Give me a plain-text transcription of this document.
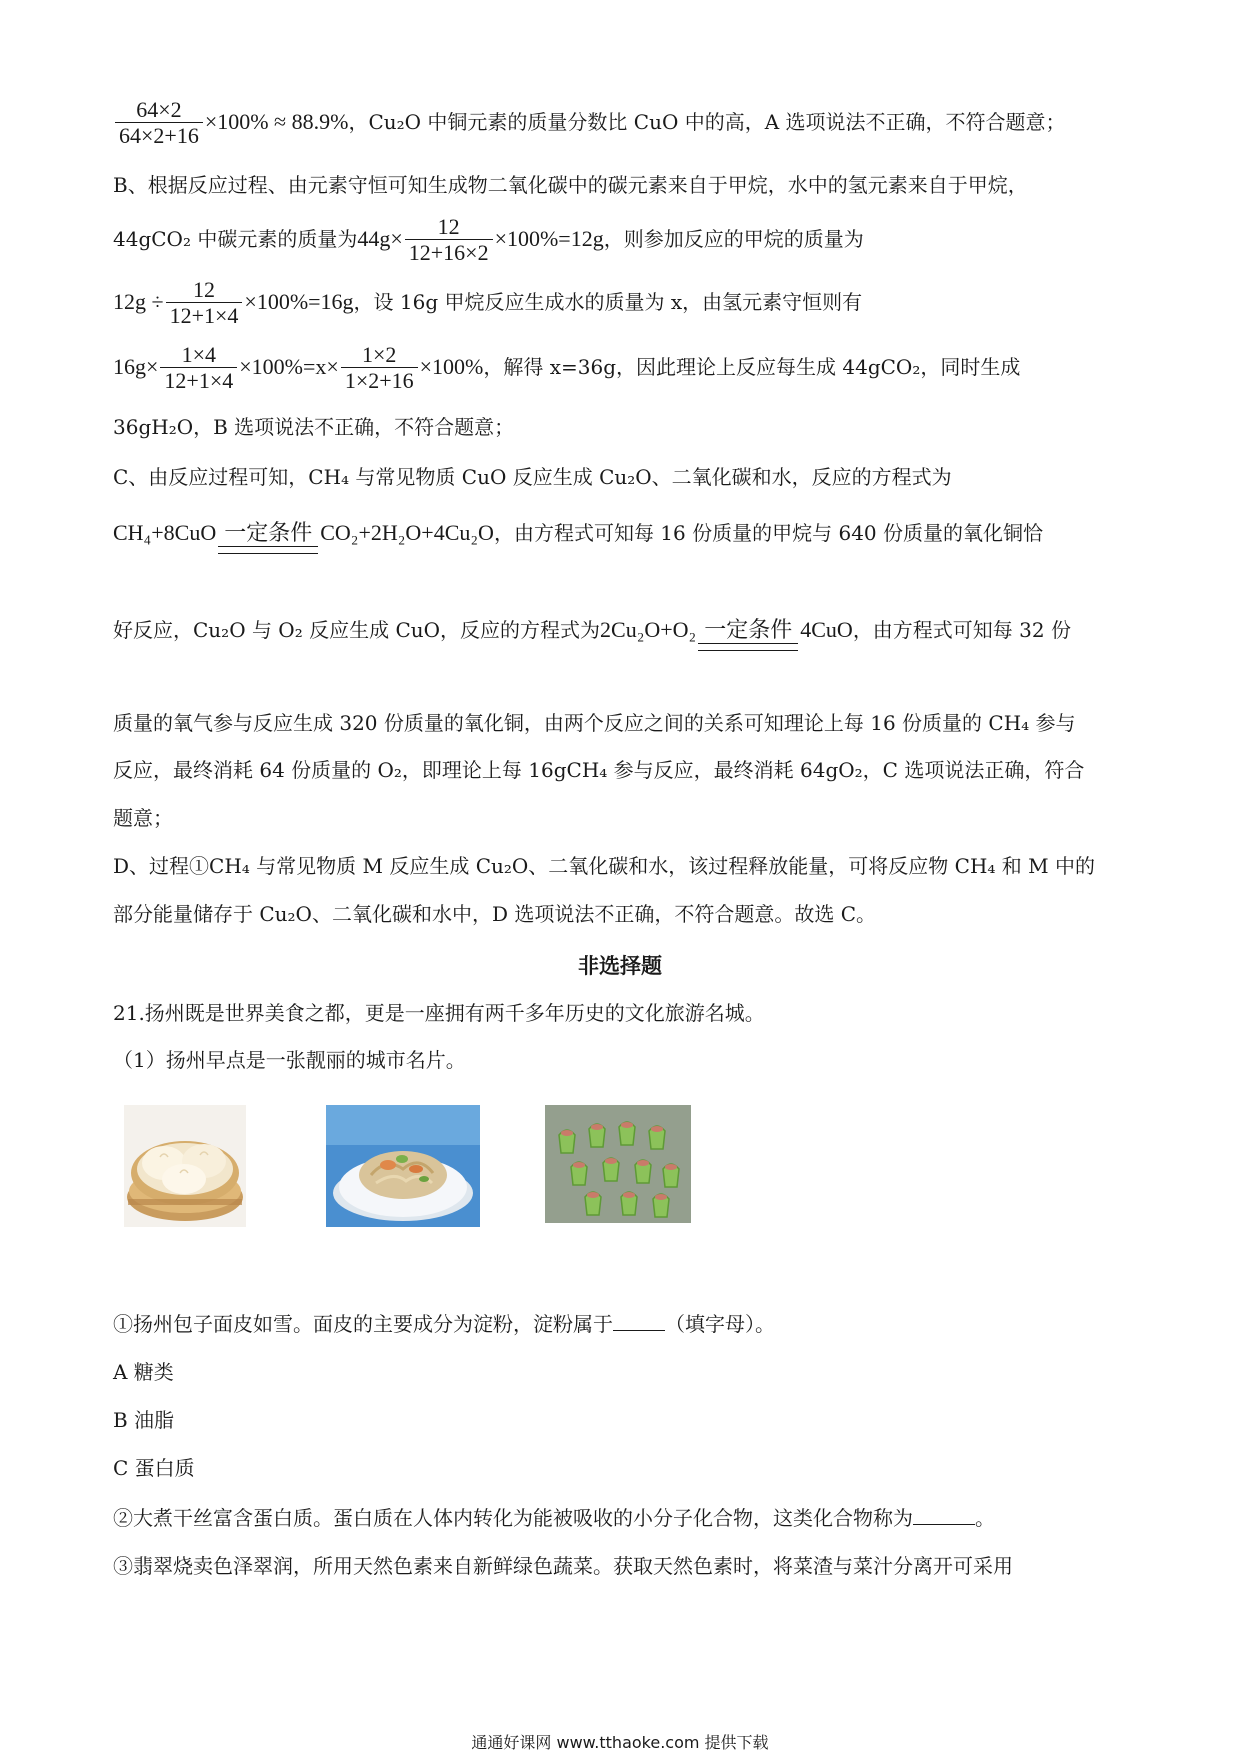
$\frac{64\times 2}{64\times 2+16} \times 100\% \approx 88.9\%$，Cu₂O 中铜元素的质量分数比 CuO 中的高，A 选项说法不正确，不符合题意；
B、根据反应过程、由元素守恒可知生成物二氧化碳中的碳元素来自于甲烷，水中的氢元素来自于甲烷，
44gCO₂ 中碳元素的质量为$44g\times \frac{12}{12+16\times 2} \times 100\%=12g$，则参加反应的甲烷的质量为
$12g \div \frac{12}{12+1\times 4} \times 100\%=16g$，设 16g 甲烷反应生成水的质量为 x，由氢元素守恒则有
$16g\times \frac{1\times 4}{12+1\times 4} \times 100\%=x\times \frac{1\times 2}{1\times 2+16} \times 100\%$，解得 x=36g，因此理论上反应每生成 44gCO₂，同时生成
36gH₂O，B 选项说法不正确，不符合题意；
C、由反应过程可知，CH₄ 与常见物质 CuO 反应生成 Cu₂O、二氧化碳和水，反应的方程式为
CH₄+8CuO 一定条件 CO₂+2H₂O+4Cu₂O，由方程式可知每 16 份质量的甲烷与 640 份质量的氧化铜恰
好反应，Cu₂O 与 O₂ 反应生成 CuO，反应的方程式为2Cu₂O+O₂ 一定条件 4CuO，由方程式可知每 32 份
质量的氧气参与反应生成 320 份质量的氧化铜，由两个反应之间的关系可知理论上每 16 份质量的 CH₄ 参与
反应，最终消耗 64 份质量的 O₂，即理论上每 16gCH₄ 参与反应，最终消耗 64gO₂，C 选项说法正确，符合
题意；
D、过程①CH₄ 与常见物质 M 反应生成 Cu₂O、二氧化碳和水，该过程释放能量，可将反应物 CH₄ 和 M 中的
部分能量储存于 Cu₂O、二氧化碳和水中，D 选项说法不正确，不符合题意。故选 C。
非选择题
21.扬州既是世界美食之都，更是一座拥有两千多年历史的文化旅游名城。
（1）扬州早点是一张靓丽的城市名片。
①扬州包子面皮如雪。面皮的主要成分为淀粉，淀粉属于	（填字母）。
A 糖类
B 油脂
C 蛋白质
②大煮干丝富含蛋白质。蛋白质在人体内转化为能被吸收的小分子化合物，这类化合物称为	。
③翡翠烧卖色泽翠润，所用天然色素来自新鲜绿色蔬菜。获取天然色素时，将菜渣与菜汁分离开可采用
通通好课网 www.tthaoke.com 提供下载
